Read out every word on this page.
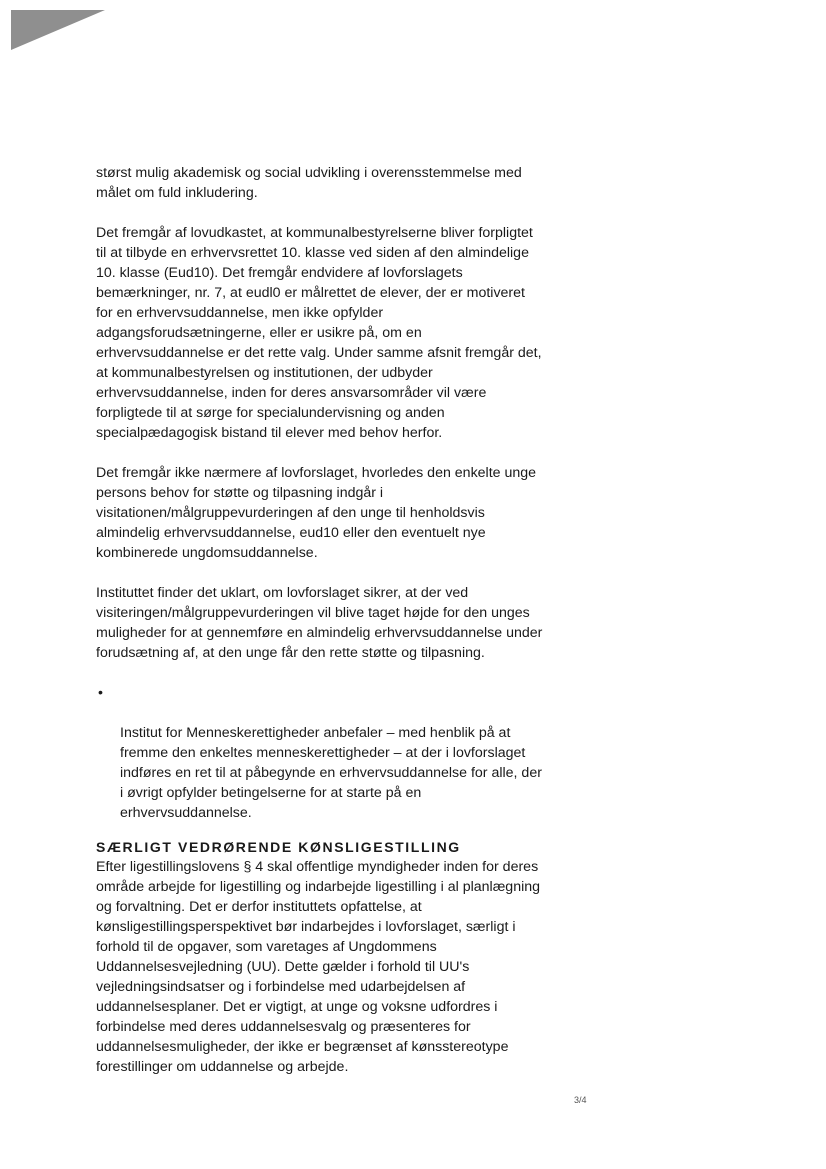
størst mulig akademisk og social udvikling i overensstemmelse med
målet om fuld inkludering.

Det fremgår af lovudkastet, at kommunalbestyrelserne bliver forpligtet
til at tilbyde en erhvervsrettet 10. klasse ved siden af den almindelige
10. klasse (Eud10). Det fremgår endvidere af lovforslagets
bemærkninger, nr. 7, at eudl0 er målrettet de elever, der er motiveret
for en erhvervsuddannelse, men ikke opfylder
adgangsforudsætningerne, eller er usikre på, om en
erhvervsuddannelse er det rette valg. Under samme afsnit fremgår det,
at kommunalbestyrelsen og institutionen, der udbyder
erhvervsuddannelse, inden for deres ansvarsområder vil være
forpligtede til at sørge for specialundervisning og anden
specialpædagogisk bistand til elever med behov herfor.

Det fremgår ikke nærmere af lovforslaget, hvorledes den enkelte unge
persons behov for støtte og tilpasning indgår i
visitationen/målgruppevurderingen af den unge til henholdsvis
almindelig erhvervsuddannelse, eud10 eller den eventuelt nye
kombinerede ungdomsuddannelse.

Instituttet finder det uklart, om lovforslaget sikrer, at der ved
visiteringen/målgruppevurderingen vil blive taget højde for den unges
muligheder for at gennemføre en almindelig erhvervsuddannelse under
forudsætning af, at den unge får den rette støtte og tilpasning.

•

Institut for Menneskerettigheder anbefaler – med henblik på at
fremme den enkeltes menneskerettigheder – at der i lovforslaget
indføres en ret til at påbegynde en erhvervsuddannelse for alle, der
i øvrigt opfylder betingelserne for at starte på en
erhvervsuddannelse.

SÆRLIGT VEDRØRENDE KØNSLIGESTILLING

Efter ligestillingslovens § 4 skal offentlige myndigheder inden for deres
område arbejde for ligestilling og indarbejde ligestilling i al planlægning
og forvaltning. Det er derfor instituttets opfattelse, at
kønsligestillingsperspektivet bør indarbejdes i lovforslaget, særligt i
forhold til de opgaver, som varetages af Ungdommens
Uddannelsesvejledning (UU). Dette gælder i forhold til UU's
vejledningsindsatser og i forbindelse med udarbejdelsen af
uddannelsesplaner. Det er vigtigt, at unge og voksne udfordres i
forbindelse med deres uddannelsesvalg og præsenteres for
uddannelsesmuligheder, der ikke er begrænset af kønsstereotype
forestillinger om uddannelse og arbejde.

3/4
